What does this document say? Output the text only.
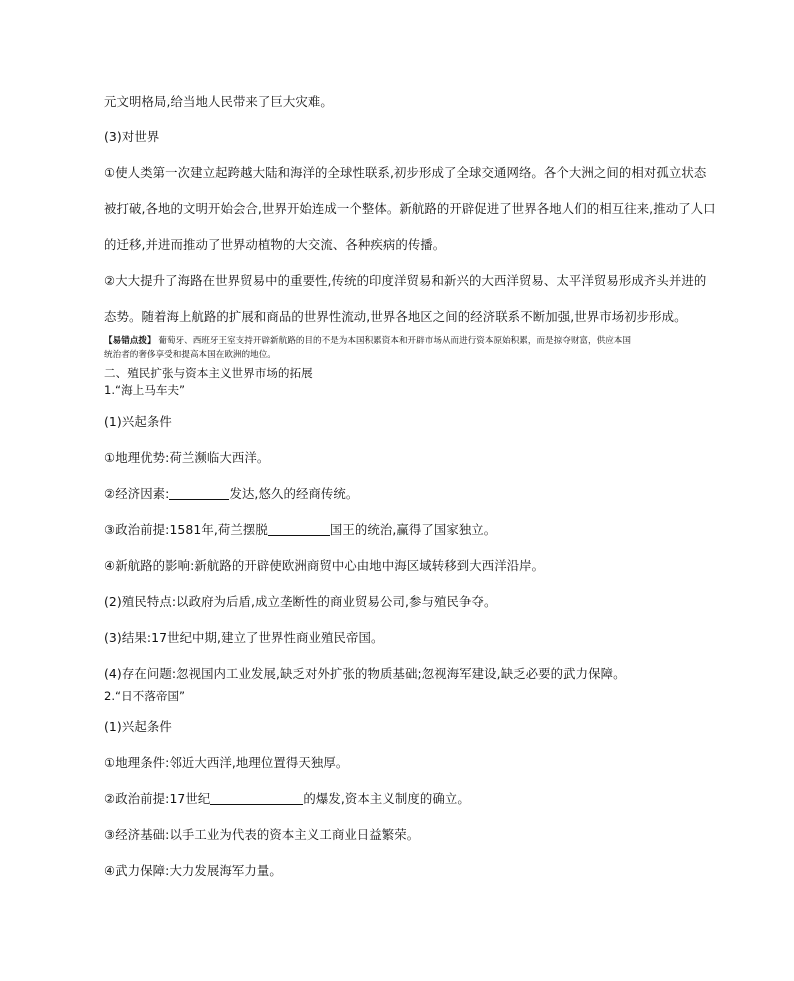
元文明格局,给当地人民带来了巨大灾难。
(3)对世界
①使人类第一次建立起跨越大陆和海洋的全球性联系,初步形成了全球交通网络。各个大洲之间的相对孤立状态
被打破,各地的文明开始会合,世界开始连成一个整体。新航路的开辟促进了世界各地人们的相互往来,推动了人口
的迁移,并进而推动了世界动植物的大交流、各种疾病的传播。
②大大提升了海路在世界贸易中的重要性,传统的印度洋贸易和新兴的大西洋贸易、太平洋贸易形成齐头并进的
态势。随着海上航路的扩展和商品的世界性流动,世界各地区之间的经济联系不断加强,世界市场初步形成。
【易错点拨】 葡萄牙、西班牙王室支持开辟新航路的目的不是为本国积累资本和开辟市场从而进行资本原始积累，而是掠夺财富，供应本国
统治者的奢侈享受和提高本国在欧洲的地位。
二、殖民扩张与资本主义世界市场的拓展
1.“海上马车夫”
(1)兴起条件
①地理优势:荷兰濒临大西洋。
②经济因素:	发达,悠久的经商传统。
③政治前提:1581年,荷兰摆脱	国王的统治,赢得了国家独立。
④新航路的影响:新航路的开辟使欧洲商贸中心由地中海区域转移到大西洋沿岸。
(2)殖民特点:以政府为后盾,成立垄断性的商业贸易公司,参与殖民争夺。
(3)结果:17世纪中期,建立了世界性商业殖民帝国。
(4)存在问题:忽视国内工业发展,缺乏对外扩张的物质基础;忽视海军建设,缺乏必要的武力保障。
2.“日不落帝国”
(1)兴起条件
①地理条件:邻近大西洋,地理位置得天独厚。
②政治前提:17世纪	的爆发,资本主义制度的确立。
③经济基础:以手工业为代表的资本主义工商业日益繁荣。
④武力保障:大力发展海军力量。
